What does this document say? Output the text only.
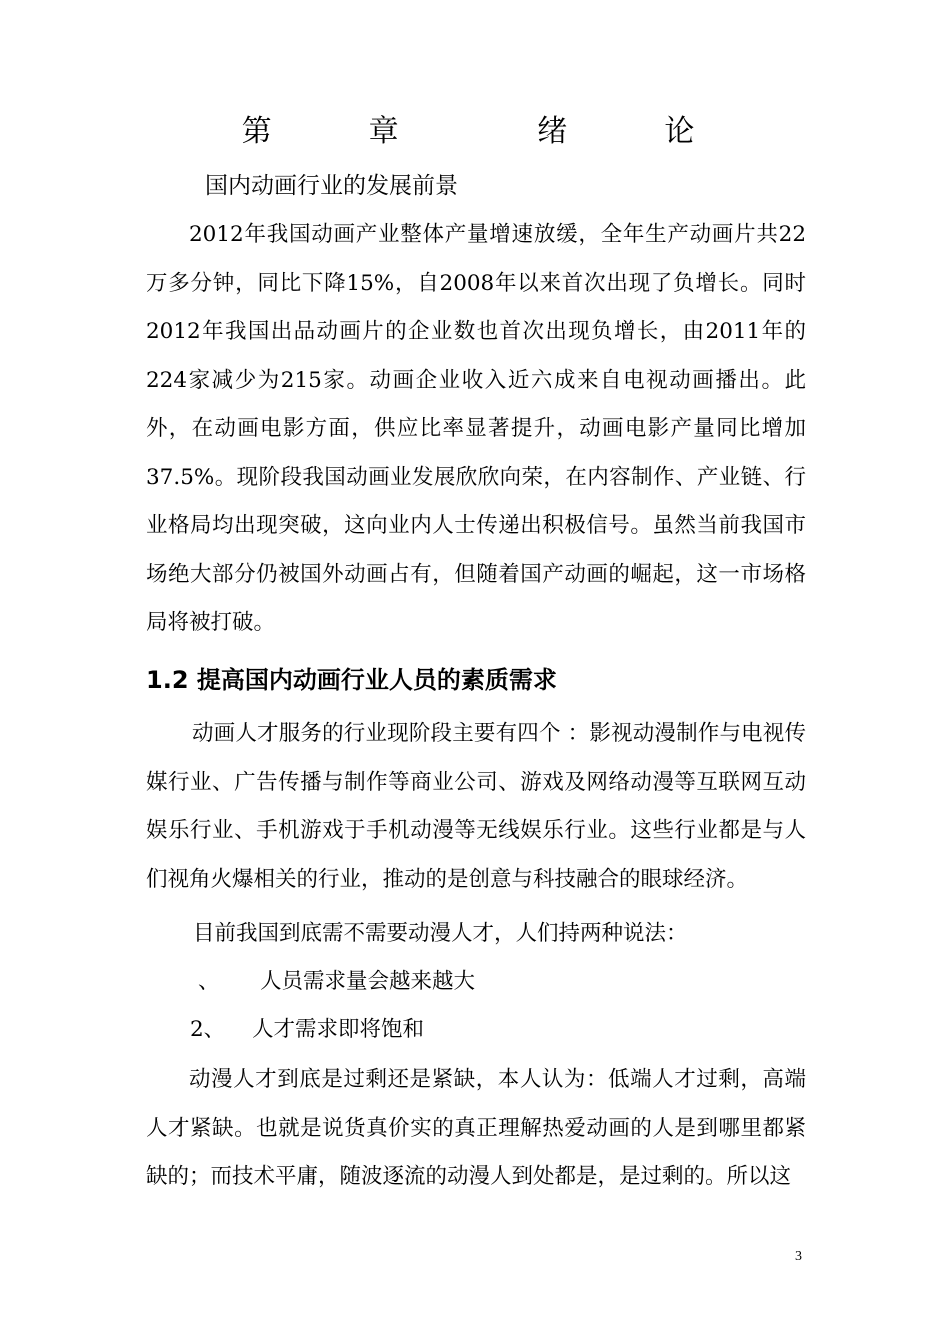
第  章   绪  论
国内动画行业的发展前景

2012年我国动画产业整体产量增速放缓，全年生产动画片共22万多分钟，同比下降15%，自2008年以来首次出现了负增长。同时2012年我国出品动画片的企业数也首次出现负增长，由2011年的224家减少为215家。动画企业收入近六成来自电视动画播出。此外，在动画电影方面，供应比率显著提升，动画电影产量同比增加37.5%。现阶段我国动画业发展欣欣向荣，在内容制作、产业链、行业格局均出现突破，这向业内人士传递出积极信号。虽然当前我国市场绝大部分仍被国外动画占有，但随着国产动画的崛起，这一市场格局将被打破。

1.2 提高国内动画行业人员的素质需求

动画人才服务的行业现阶段主要有四个 ：影视动漫制作与电视传媒行业、广告传播与制作等商业公司、游戏及网络动漫等互联网互动娱乐行业、手机游戏于手机动漫等无线娱乐行业。这些行业都是与人们视角火爆相关的行业，推动的是创意与科技融合的眼球经济。

目前我国到底需不需要动漫人才，人们持两种说法：

、 人员需求量会越来越大
2、 人才需求即将饱和

动漫人才到底是过剩还是紧缺，本人认为：低端人才过剩，高端人才紧缺。也就是说货真价实的真正理解热爱动画的人是到哪里都紧缺的；而技术平庸，随波逐流的动漫人到处都是，是过剩的。所以这

3
